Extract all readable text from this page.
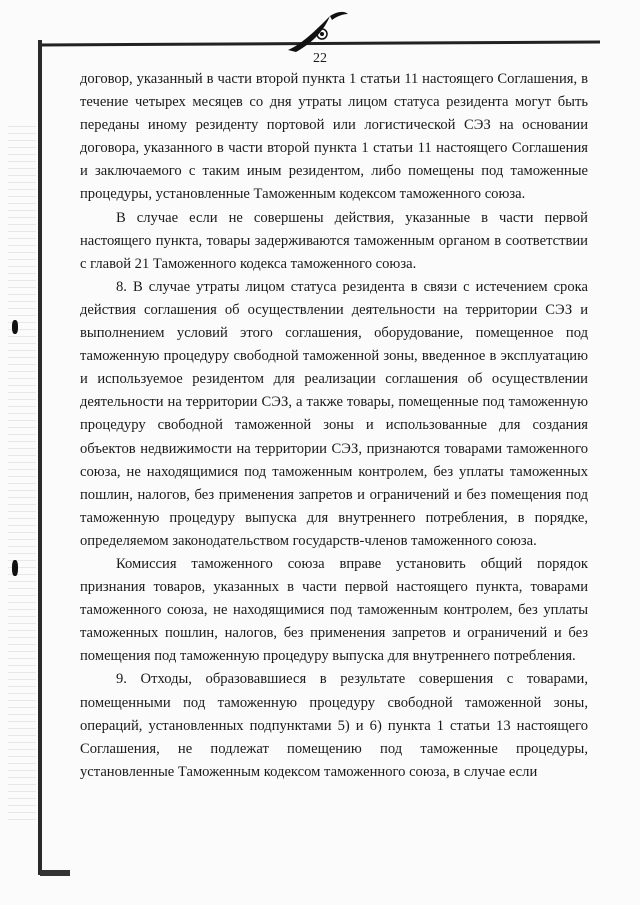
22

договор, указанный в части второй пункта 1 статьи 11 настоящего Соглашения, в течение четырех месяцев со дня утраты лицом статуса резидента могут быть переданы иному резиденту портовой или логистической СЭЗ на основании договора, указанного в части второй пункта 1 статьи 11 настоящего Соглашения и заключаемого с таким иным резидентом, либо помещены под таможенные процедуры, установленные Таможенным кодексом таможенного союза.

В случае если не совершены действия, указанные в части первой настоящего пункта, товары задерживаются таможенным органом в соответствии с главой 21 Таможенного кодекса таможенного союза.

8. В случае утраты лицом статуса резидента в связи с истечением срока действия соглашения об осуществлении деятельности на территории СЭЗ и выполнением условий этого соглашения, оборудование, помещенное под таможенную процедуру свободной таможенной зоны, введенное в эксплуатацию и используемое резидентом для реализации соглашения об осуществлении деятельности на территории СЭЗ, а также товары, помещенные под таможенную процедуру свободной таможенной зоны и использованные для создания объектов недвижимости на территории СЭЗ, признаются товарами таможенного союза, не находящимися под таможенным контролем, без уплаты таможенных пошлин, налогов, без применения запретов и ограничений и без помещения под таможенную процедуру выпуска для внутреннего потребления, в порядке, определяемом законодательством государств-членов таможенного союза.

Комиссия таможенного союза вправе установить общий порядок признания товаров, указанных в части первой настоящего пункта, товарами таможенного союза, не находящимися под таможенным контролем, без уплаты таможенных пошлин, налогов, без применения запретов и ограничений и без помещения под таможенную процедуру выпуска для внутреннего потребления.

9. Отходы, образовавшиеся в результате совершения с товарами, помещенными под таможенную процедуру свободной таможенной зоны, операций, установленных подпунктами 5) и 6) пункта 1 статьи 13 настоящего Соглашения, не подлежат помещению под таможенные процедуры, установленные Таможенным кодексом таможенного союза, в случае если
